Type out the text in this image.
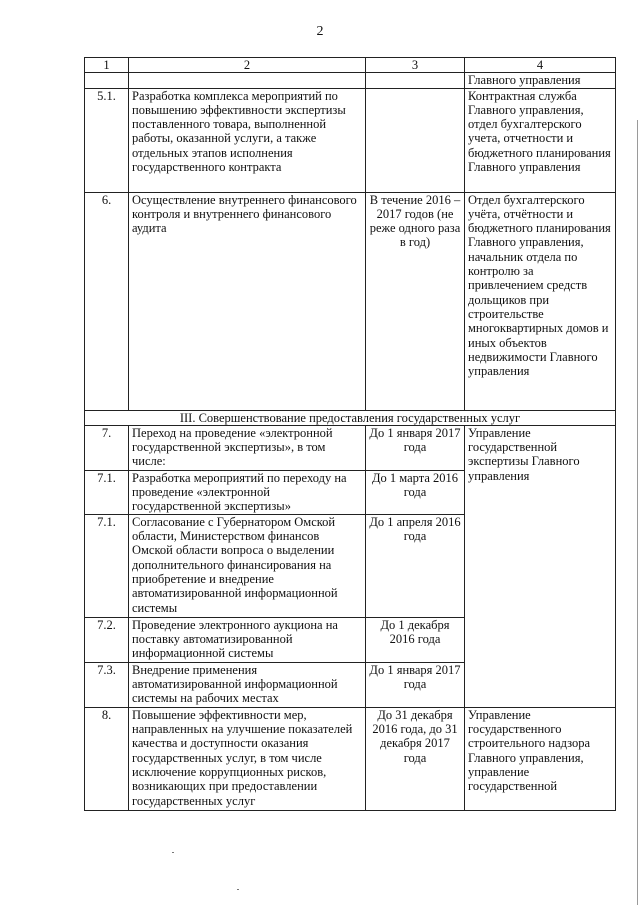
2
1	2	3	4
			Главного управления
5.1.	Разработка комплекса мероприятий по повышению эффективности экспертизы поставленного товара, выполненной работы, оказанной услуги, а также отдельных этапов исполнения государственного контракта		Контрактная служба Главного управления, отдел бухгалтерского учета, отчетности и бюджетного планирования Главного управления
6.	Осуществление внутреннего финансового контроля и внутреннего финансового аудита	В течение 2016 – 2017 годов (не реже одного раза в год)	Отдел бухгалтерского учёта, отчётности и бюджетного планирования Главного управления, начальник отдела по контролю за привлечением средств дольщиков при строительстве многоквартирных домов и иных объектов недвижимости Главного управления
III. Совершенствование предоставления государственных услуг			
7.	Переход на проведение «электронной государственной экспертизы», в том числе:	До 1 января 2017 года	Управление государственной экспертизы Главного управления
7.1.	Разработка мероприятий по переходу на проведение «электронной государственной экспертизы»	До 1 марта 2016 года	
7.1.	Согласование с Губернатором Омской области, Министерством финансов Омской области вопроса о выделении дополнительного финансирования на приобретение и внедрение автоматизированной информационной системы	До 1 апреля 2016 года	
7.2.	Проведение электронного аукциона на поставку автоматизированной информационной системы	До 1 декабря 2016 года	
7.3.	Внедрение применения автоматизированной информационной системы на рабочих местах	До 1 января 2017 года	
8.	Повышение эффективности мер, направленных на улучшение показателей качества и доступности оказания государственных услуг, в том числе исключение коррупционных рисков, возникающих при предоставлении государственных услуг	До 31 декабря 2016 года, до 31 декабря 2017 года	Управление государственного строительного надзора Главного управления, управление государственной
